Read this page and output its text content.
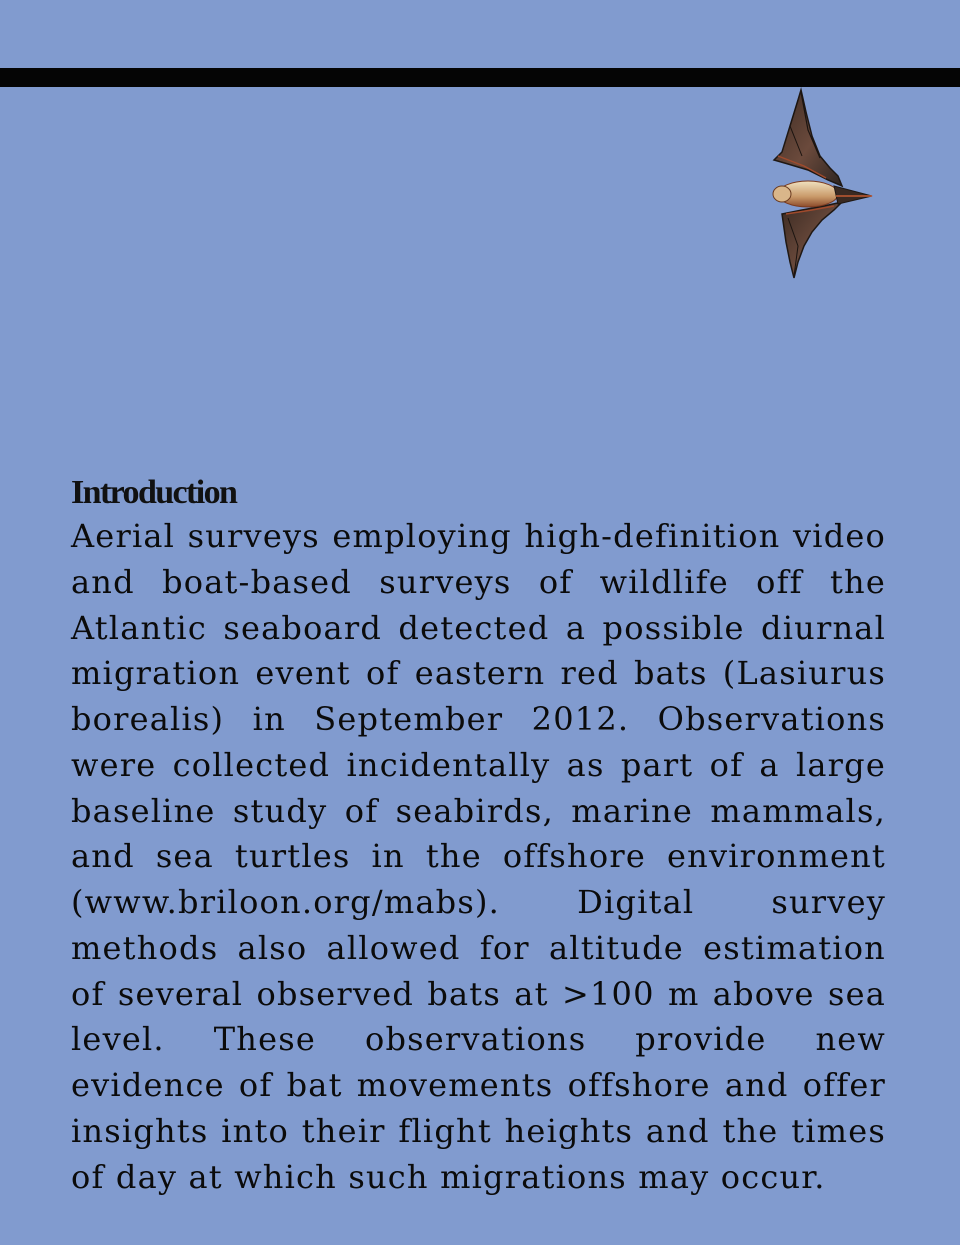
Introduction

Aerial surveys employing high-definition video and boat-based surveys of wildlife off the Atlantic seaboard detected a possible diurnal migration event of eastern red bats (Lasiurus borealis) in September 2012. Observations were collected incidentally as part of a large baseline study of seabirds, marine mammals, and sea turtles in the offshore environment (www.briloon.org/mabs). Digital survey methods also allowed for altitude estimation of several observed bats at >100 m above sea level. These observations provide new evidence of bat movements offshore and offer insights into their flight heights and the times of day at which such migrations may occur.
